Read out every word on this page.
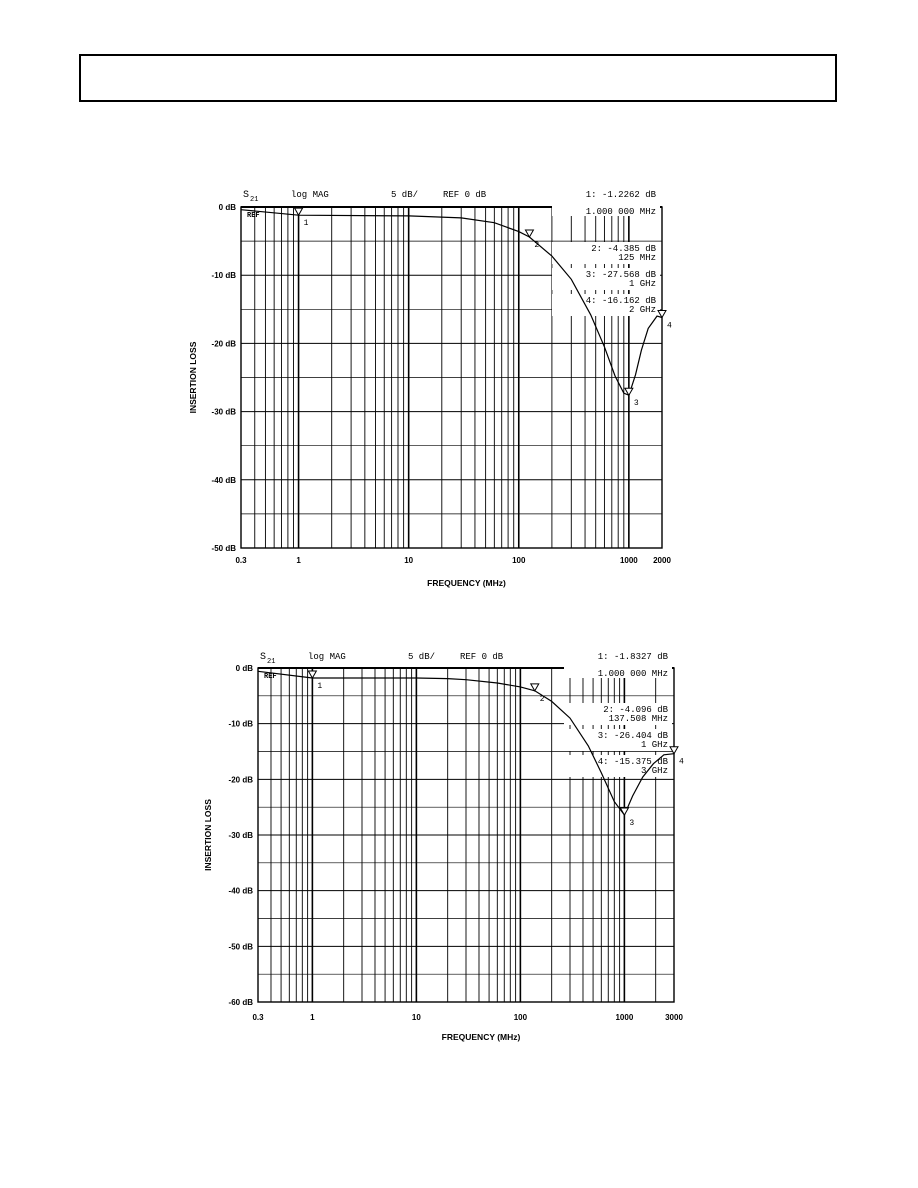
0 dB
-10 dB
-20 dB
-30 dB
-40 dB
-50 dB
0.3	1	10	100	1000 2000
FREQUENCY (MHz)
INSERTION LOSS
S 21	log MAG	5 dB/	REF 0 dB
REF
1: -1.2262 dB
1.000 000 MHz
2: -4.385 dB
125 MHz
3: -27.568 dB
1 GHz
4: -16.162 dB
2 GHz
1
2
3
4
0 dB
-10 dB
-20 dB
-30 dB
-40 dB
-50 dB
-60 dB
0.3	1	10	100	1000	3000
FREQUENCY (MHz)
INSERTION LOSS
S 21	log MAG	5 dB/	REF 0 dB
REF
1: -1.8327 dB
1.000 000 MHz
2: -4.096 dB
137.508 MHz
3: -26.404 dB
1 GHz
4: -15.375 dB
3 GHz
1
2
3
4
